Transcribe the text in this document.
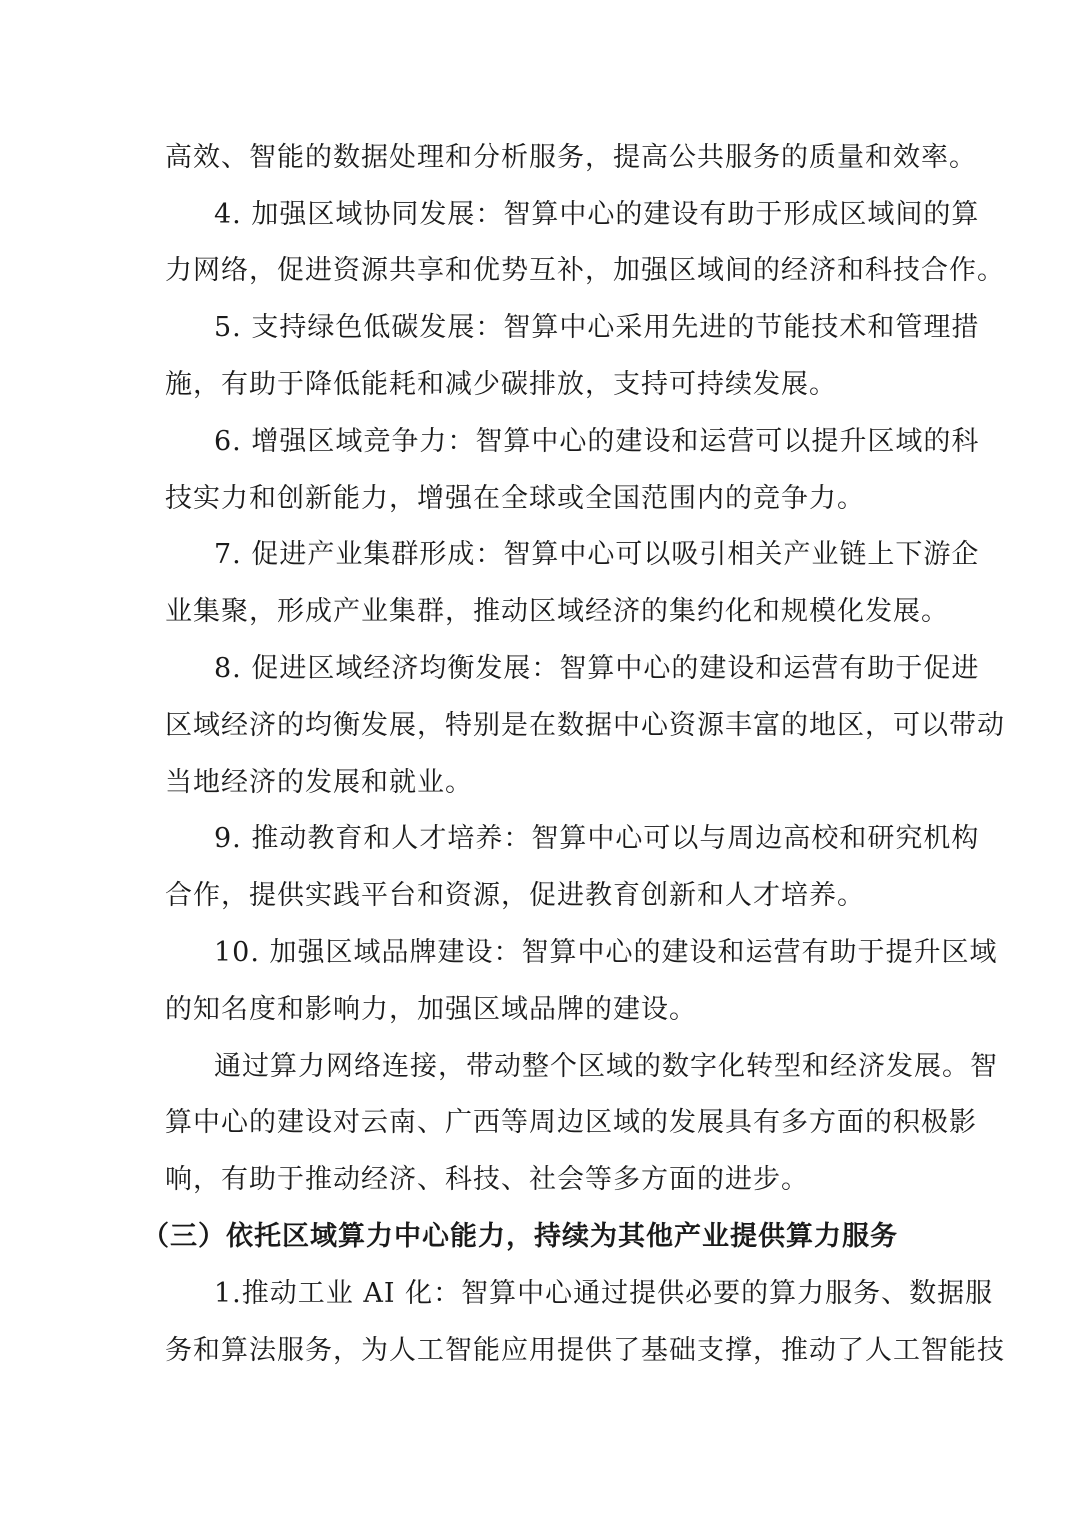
高效、智能的数据处理和分析服务，提高公共服务的质量和效率。
4. 加强区域协同发展：智算中心的建设有助于形成区域间的算
力网络，促进资源共享和优势互补，加强区域间的经济和科技合作。
5. 支持绿色低碳发展：智算中心采用先进的节能技术和管理措
施，有助于降低能耗和减少碳排放，支持可持续发展。
6. 增强区域竞争力：智算中心的建设和运营可以提升区域的科
技实力和创新能力，增强在全球或全国范围内的竞争力。
7. 促进产业集群形成：智算中心可以吸引相关产业链上下游企
业集聚，形成产业集群，推动区域经济的集约化和规模化发展。
8. 促进区域经济均衡发展：智算中心的建设和运营有助于促进
区域经济的均衡发展，特别是在数据中心资源丰富的地区，可以带动
当地经济的发展和就业。
9. 推动教育和人才培养：智算中心可以与周边高校和研究机构
合作，提供实践平台和资源，促进教育创新和人才培养。
10. 加强区域品牌建设：智算中心的建设和运营有助于提升区域
的知名度和影响力，加强区域品牌的建设。
通过算力网络连接，带动整个区域的数字化转型和经济发展。智
算中心的建设对云南、广西等周边区域的发展具有多方面的积极影
响，有助于推动经济、科技、社会等多方面的进步。
（三）依托区域算力中心能力，持续为其他产业提供算力服务
1.推动工业 AI 化：智算中心通过提供必要的算力服务、数据服
务和算法服务，为人工智能应用提供了基础支撑，推动了人工智能技
